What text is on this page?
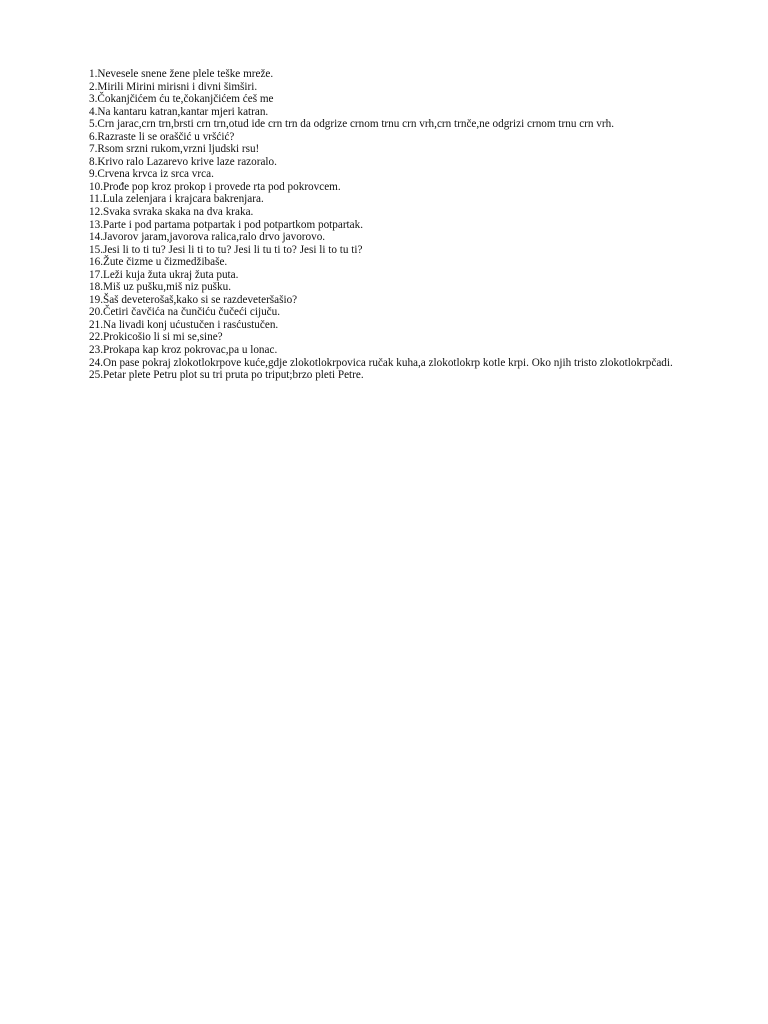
1.Nevesele snene žene plele teške mreže.
2.Mirili Mirini mirisni i divni šimširi.
3.Čokanjčićem ću te,čokanjčićem ćeš me
4.Na kantaru katran,kantar mjeri katran.
5.Crn jarac,crn trn,brsti crn trn,otud ide crn trn da odgrize crnom trnu crn vrh,crn trnče,ne odgrizi crnom trnu crn vrh.
6.Razraste li se oraščić u vršćić?
7.Rsom srzni rukom,vrzni ljudski rsu!
8.Krivo ralo Lazarevo krive laze razoralo.
9.Crvena krvca iz srca vrca.
10.Prođe pop kroz prokop i provede rta pod pokrovcem.
11.Lula zelenjara i krajcara bakrenjara.
12.Svaka svraka skaka na dva kraka.
13.Parte i pod partama potpartak i pod potpartkom potpartak.
14.Javorov jaram,javorova ralica,ralo drvo javorovo.
15.Jesi li to ti tu? Jesi li ti to tu? Jesi li tu ti to? Jesi li to tu ti?
16.Žute čizme u čizmedžibaše.
17.Leži kuja žuta ukraj žuta puta.
18.Miš uz pušku,miš niz pušku.
19.Šaš deveterošaš,kako si se razdeveteršašio?
20.Četiri čavčića na čunčiću čučeći cijuču.
21.Na livadi konj ućustučen i rasćustučen.
22.Prokicošio li si mi se,sine?
23.Prokapa kap kroz pokrovac,pa u lonac.
24.On pase pokraj zlokotlokrpove kuće,gdje zlokotlokrpovica ručak kuha,a zlokotlokrp kotle krpi. Oko njih tristo zlokotlokrpčadi.
25.Petar plete Petru plot su tri pruta po triput;brzo pleti Petre.
